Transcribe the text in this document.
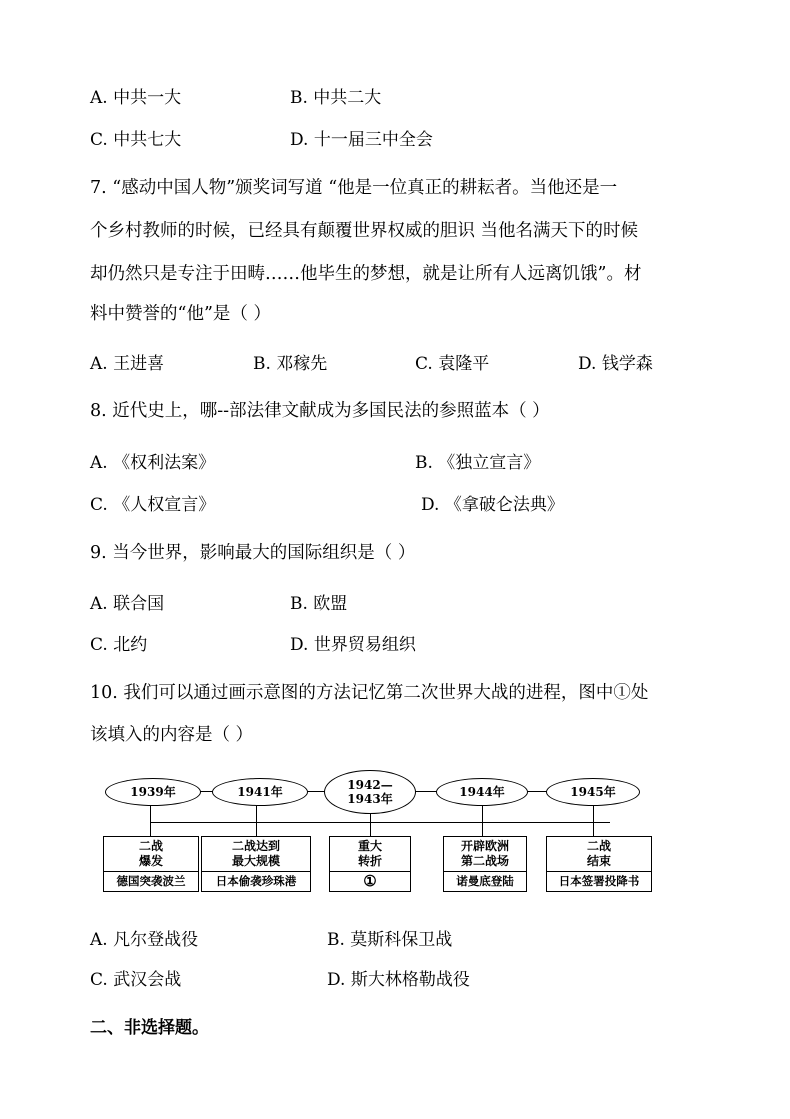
A. 中共一大	B. 中共二大
C. 中共七大	D. 十一届三中全会
7. “感动中国人物”颁奖词写道 “他是一位真正的耕耘者。当他还是一
个乡村教师的时候，已经具有颠覆世界权威的胆识 当他名满天下的时候
却仍然只是专注于田畴……他毕生的梦想，就是让所有人远离饥饿”。材
料中赞誉的“他”是（ ）
A. 王进喜	B. 邓稼先	C. 袁隆平	D. 钱学森
8. 近代史上，哪--部法律文献成为多国民法的参照蓝本（ ）
A. 《权利法案》	B. 《独立宣言》
C. 《人权宣言》	D. 《拿破仑法典》
9. 当今世界，影响最大的国际组织是（ ）
A. 联合国	B. 欧盟
C. 北约	D. 世界贸易组织
10. 我们可以通过画示意图的方法记忆第二次世界大战的进程，图中①处
该填入的内容是（ ）
1939年	1941年	1942—
1943年	1944年	1945年
二战
爆发
德国突袭波兰
二战达到
最大规模
日本偷袭珍珠港
重大
转折
①
开辟欧洲
第二战场
诺曼底登陆
二战
结束
日本签署投降书
A. 凡尔登战役	B. 莫斯科保卫战
C. 武汉会战	D. 斯大林格勒战役
二、非选择题。
